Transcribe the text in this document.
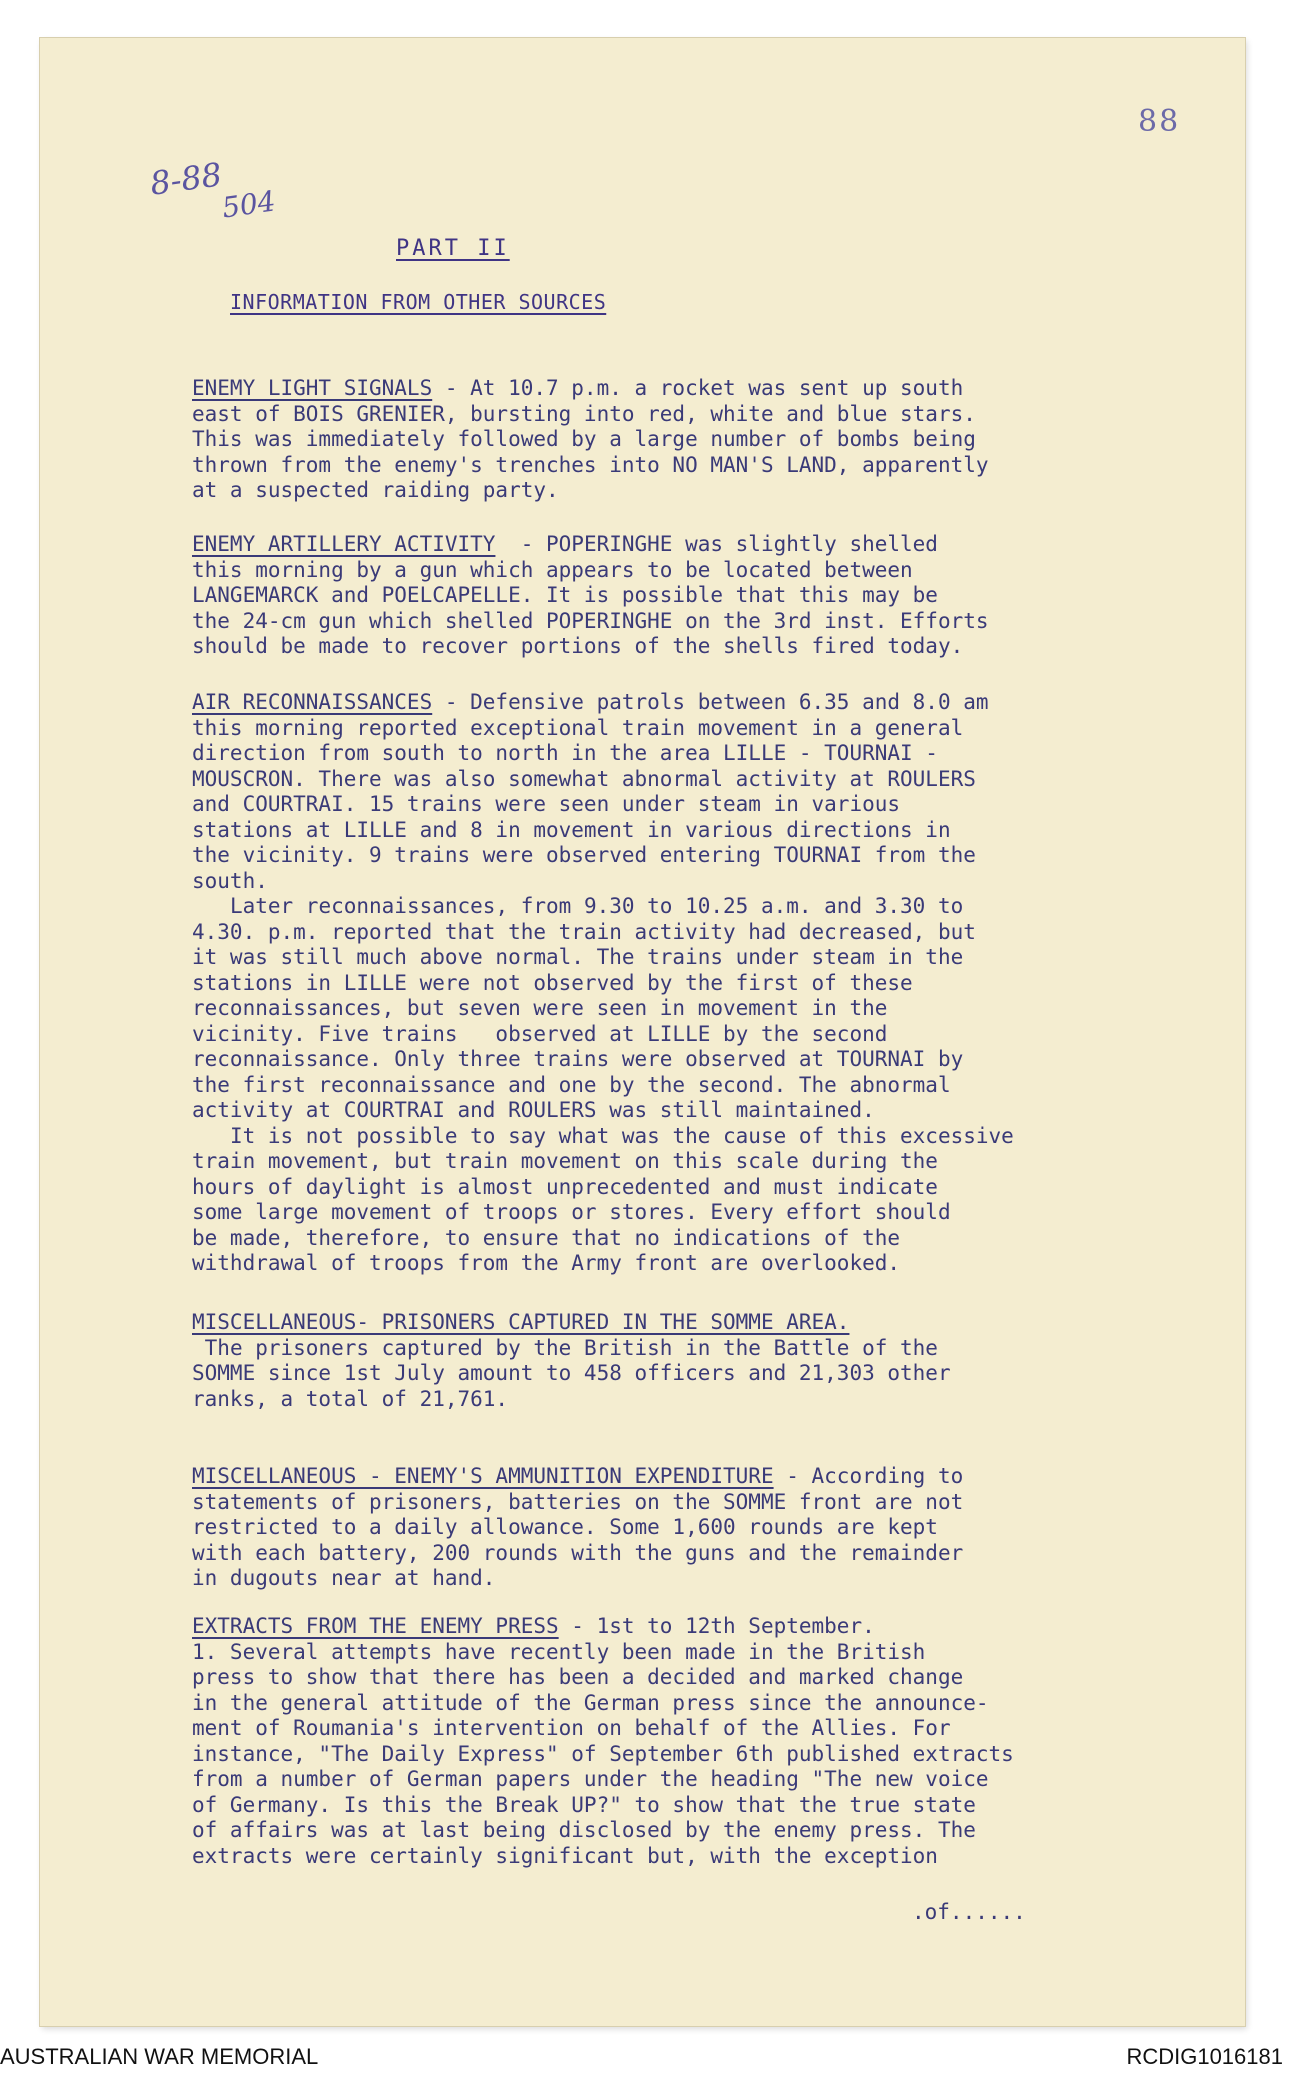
88
8-88
504
PART II
INFORMATION FROM OTHER SOURCES

ENEMY LIGHT SIGNALS - At 10.7 p.m. a rocket was sent up south
east of BOIS GRENIER, bursting into red, white and blue stars.
This was immediately followed by a large number of bombs being
thrown from the enemy's trenches into NO MAN'S LAND, apparently
at a suspected raiding party.

ENEMY ARTILLERY ACTIVITY  - POPERINGHE was slightly shelled
this morning by a gun which appears to be located between
LANGEMARCK and POELCAPELLE. It is possible that this may be
the 24-cm gun which shelled POPERINGHE on the 3rd inst. Efforts
should be made to recover portions of the shells fired today.

AIR RECONNAISSANCES - Defensive patrols between 6.35 and 8.0 am
this morning reported exceptional train movement in a general
direction from south to north in the area LILLE - TOURNAI -
MOUSCRON. There was also somewhat abnormal activity at ROULERS
and COURTRAI. 15 trains were seen under steam in various
stations at LILLE and 8 in movement in various directions in
the vicinity. 9 trains were observed entering TOURNAI from the
south.
Later reconnaissances, from 9.30 to 10.25 a.m. and 3.30 to
4.30. p.m. reported that the train activity had decreased, but
it was still much above normal. The trains under steam in the
stations in LILLE were not observed by the first of these
reconnaissances, but seven were seen in movement in the
vicinity. Five trains   observed at LILLE by the second
reconnaissance. Only three trains were observed at TOURNAI by
the first reconnaissance and one by the second. The abnormal
activity at COURTRAI and ROULERS was still maintained.
It is not possible to say what was the cause of this excessive
train movement, but train movement on this scale during the
hours of daylight is almost unprecedented and must indicate
some large movement of troops or stores. Every effort should
be made, therefore, to ensure that no indications of the
withdrawal of troops from the Army front are overlooked.

MISCELLANEOUS- PRISONERS CAPTURED IN THE SOMME AREA.
The prisoners captured by the British in the Battle of the
SOMME since 1st July amount to 458 officers and 21,303 other
ranks, a total of 21,761.

MISCELLANEOUS - ENEMY'S AMMUNITION EXPENDITURE - According to
statements of prisoners, batteries on the SOMME front are not
restricted to a daily allowance. Some 1,600 rounds are kept
with each battery, 200 rounds with the guns and the remainder
in dugouts near at hand.

EXTRACTS FROM THE ENEMY PRESS - 1st to 12th September.
1. Several attempts have recently been made in the British
press to show that there has been a decided and marked change
in the general attitude of the German press since the announce-
ment of Roumania's intervention on behalf of the Allies. For
instance, "The Daily Express" of September 6th published extracts
from a number of German papers under the heading "The new voice
of Germany. Is this the Break UP?" to show that the true state
of affairs was at last being disclosed by the enemy press. The
extracts were certainly significant but, with the exception

.of......
AUSTRALIAN WAR MEMORIAL	RCDIG1016181
